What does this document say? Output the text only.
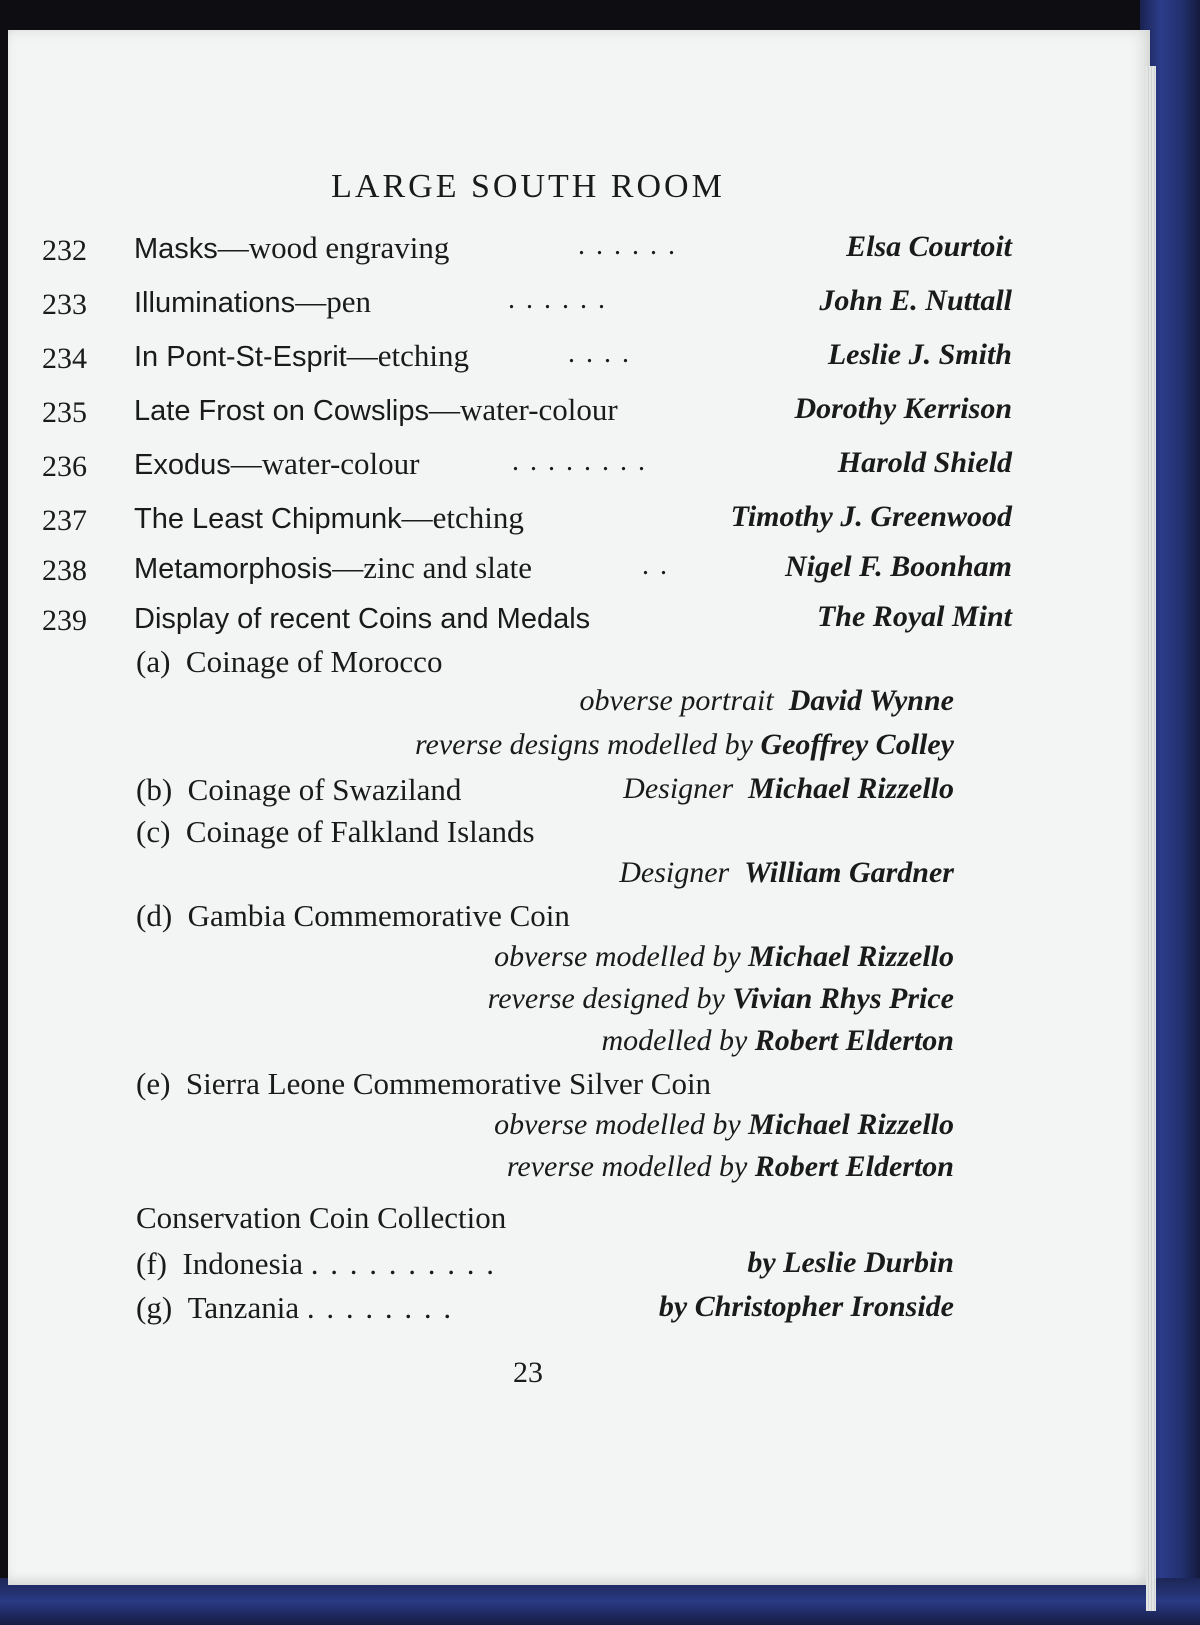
LARGE SOUTH ROOM
232 Masks—wood engraving	. . . . . .	Elsa Courtoit
233 Illuminations—pen	. . . . . .	John E. Nuttall
234 In Pont-St-Esprit—etching	. . . .	Leslie J. Smith
235 Late Frost on Cowslips—water-colour	Dorothy Kerrison
236 Exodus—water-colour	. . . . . . . .	Harold Shield
237 The Least Chipmunk—etching	Timothy J. Greenwood
238 Metamorphosis—zinc and slate	. .	Nigel F. Boonham
239 Display of recent Coins and Medals	The Royal Mint
(a) Coinage of Morocco
obverse portrait David Wynne
reverse designs modelled by Geoffrey Colley
(b) Coinage of Swaziland	Designer Michael Rizzello
(c) Coinage of Falkland Islands
Designer William Gardner
(d) Gambia Commemorative Coin
obverse modelled by Michael Rizzello
reverse designed by Vivian Rhys Price
modelled by Robert Elderton
(e) Sierra Leone Commemorative Silver Coin
obverse modelled by Michael Rizzello
reverse modelled by Robert Elderton
Conservation Coin Collection
(f) Indonesia . . . . . . . . . .	by Leslie Durbin
(g) Tanzania . . . . . . . .	by Christopher Ironside
23
